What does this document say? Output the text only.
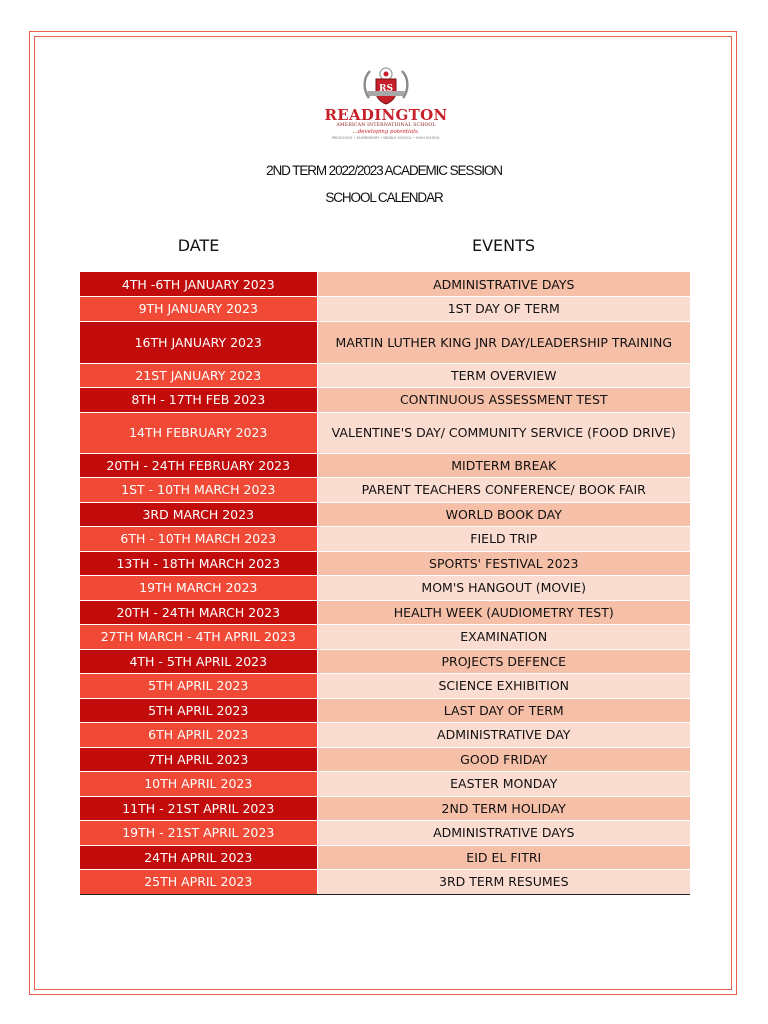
RS
READINGTON
AMERICAN INTERNATIONAL SCHOOL
...developing potentials.
PRESCHOOL • ELEMENTARY • MIDDLE SCHOOL • HIGH SCHOOL
2ND TERM 2022/2023 ACADEMIC SESSION
SCHOOL CALENDAR
DATE	EVENTS
4TH -6TH JANUARY 2023	ADMINISTRATIVE DAYS
9TH JANUARY 2023	1ST DAY OF TERM
16TH JANUARY 2023	MARTIN LUTHER KING JNR DAY/LEADERSHIP TRAINING
21ST JANUARY 2023	TERM OVERVIEW
8TH - 17TH FEB 2023	CONTINUOUS ASSESSMENT TEST
14TH FEBRUARY 2023	VALENTINE'S DAY/ COMMUNITY SERVICE (FOOD DRIVE)
20TH - 24TH FEBRUARY 2023	MIDTERM BREAK
1ST - 10TH MARCH 2023	PARENT TEACHERS CONFERENCE/ BOOK FAIR
3RD MARCH 2023	WORLD BOOK DAY
6TH - 10TH MARCH 2023	FIELD TRIP
13TH - 18TH MARCH 2023	SPORTS' FESTIVAL 2023
19TH MARCH 2023	MOM'S HANGOUT (MOVIE)
20TH - 24TH MARCH 2023	HEALTH WEEK (AUDIOMETRY TEST)
27TH MARCH - 4TH APRIL 2023	EXAMINATION
4TH - 5TH APRIL 2023	PROJECTS DEFENCE
5TH APRIL 2023	SCIENCE EXHIBITION
5TH APRIL 2023	LAST DAY OF TERM
6TH APRIL 2023	ADMINISTRATIVE DAY
7TH APRIL 2023	GOOD FRIDAY
10TH APRIL 2023	EASTER MONDAY
11TH - 21ST APRIL 2023	2ND TERM HOLIDAY
19TH - 21ST APRIL 2023	ADMINISTRATIVE DAYS
24TH APRIL 2023	EID EL FITRI
25TH APRIL 2023	3RD TERM RESUMES
